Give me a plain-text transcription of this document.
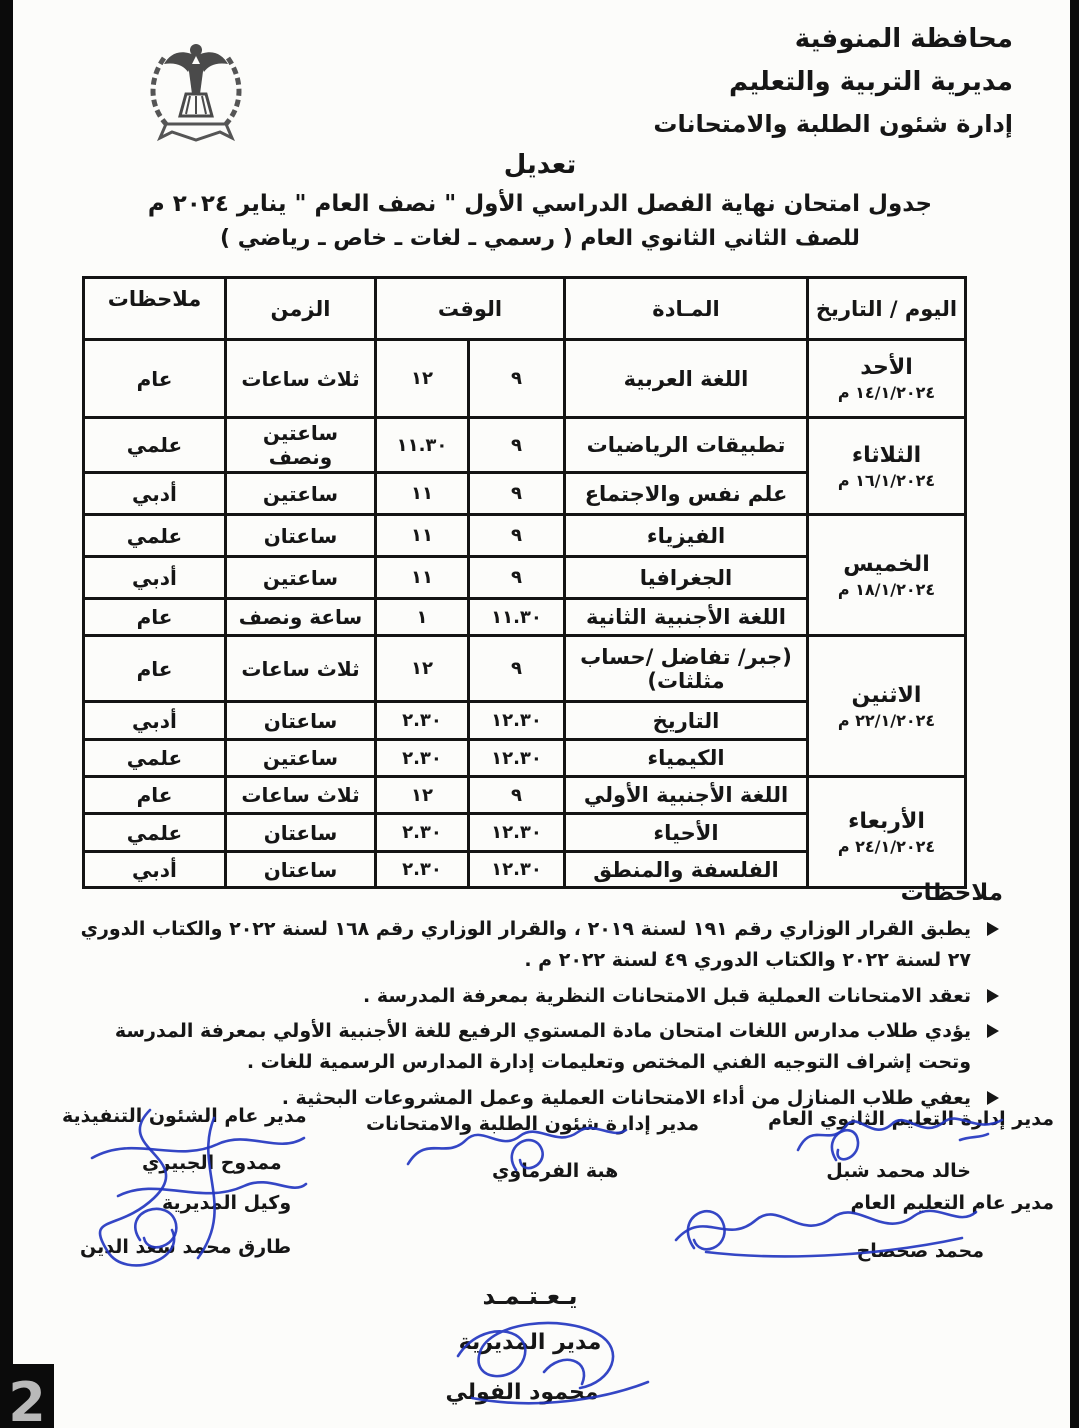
2
محافظة المنوفية
مديرية التربية والتعليم
إدارة شئون الطلبة والامتحانات
تعديل
جدول امتحان نهاية الفصل الدراسي الأول " نصف العام " يناير ٢٠٢٤ م
للصف الثاني الثانوي العام ( رسمي ـ لغات ـ خاص ـ رياضي )
اليوم / التاريخ	المـادة	الوقت		الزمن	ملاحظات

الأحد
١٤/١/٢٠٢٤ م	اللغة العربية	٩	١٢	ثلاث ساعات	عام

الثلاثاء
١٦/١/٢٠٢٤ م	تطبيقات الرياضيات	٩	١١.٣٠	ساعتين ونصف	علمي
	علم نفس والاجتماع	٩	١١	ساعتين	أدبي

الخميس
١٨/١/٢٠٢٤ م	الفيزياء	٩	١١	ساعتان	علمي
	الجغرافيا	٩	١١	ساعتين	أدبي
	اللغة الأجنبية الثانية	١١.٣٠	١	ساعة ونصف	عام

الاثنين
٢٢/١/٢٠٢٤ م	(جبر/ تفاضل /حساب مثلثات)	٩	١٢	ثلاث ساعات	عام
	التاريخ	١٢.٣٠	٢.٣٠	ساعتان	أدبي
	الكيمياء	١٢.٣٠	٢.٣٠	ساعتين	علمي

الأربعاء
٢٤/١/٢٠٢٤ م	اللغة الأجنبية الأولي	٩	١٢	ثلاث ساعات	عام
	الأحياء	١٢.٣٠	٢.٣٠	ساعتان	علمي
	الفلسفة والمنطق	١٢.٣٠	٢.٣٠	ساعتان	أدبي
ملاحظات
يطبق القرار الوزاري رقم ١٩١ لسنة ٢٠١٩ ، والقرار الوزاري رقم ١٦٨ لسنة ٢٠٢٢ والكتاب الدوري ٢٧ لسنة ٢٠٢٢ والكتاب الدوري ٤٩ لسنة ٢٠٢٢ م .
تعقد الامتحانات العملية قبل الامتحانات النظرية بمعرفة المدرسة .
يؤدي طلاب مدارس اللغات امتحان مادة المستوي الرفيع للغة الأجنبية الأولي بمعرفة المدرسة وتحت إشراف التوجيه الفني المختص وتعليمات إدارة المدارس الرسمية للغات .
يعفي طلاب المنازل من أداء الامتحانات العملية وعمل المشروعات البحثية .
مدير إدارة التعليم الثانوي العام
خالد محمد شبل
مدير عام التعليم العام
محمد صحصاح
مدير إدارة شئون الطلبة والامتحانات
هبة الفرماوي
مدير عام الشئون التنفيذية
ممدوح الجبيري
وكيل المديرية
طارق محمد سعد الدين
يـعـتـمـد
مدير المديرية
محمود الفولي
